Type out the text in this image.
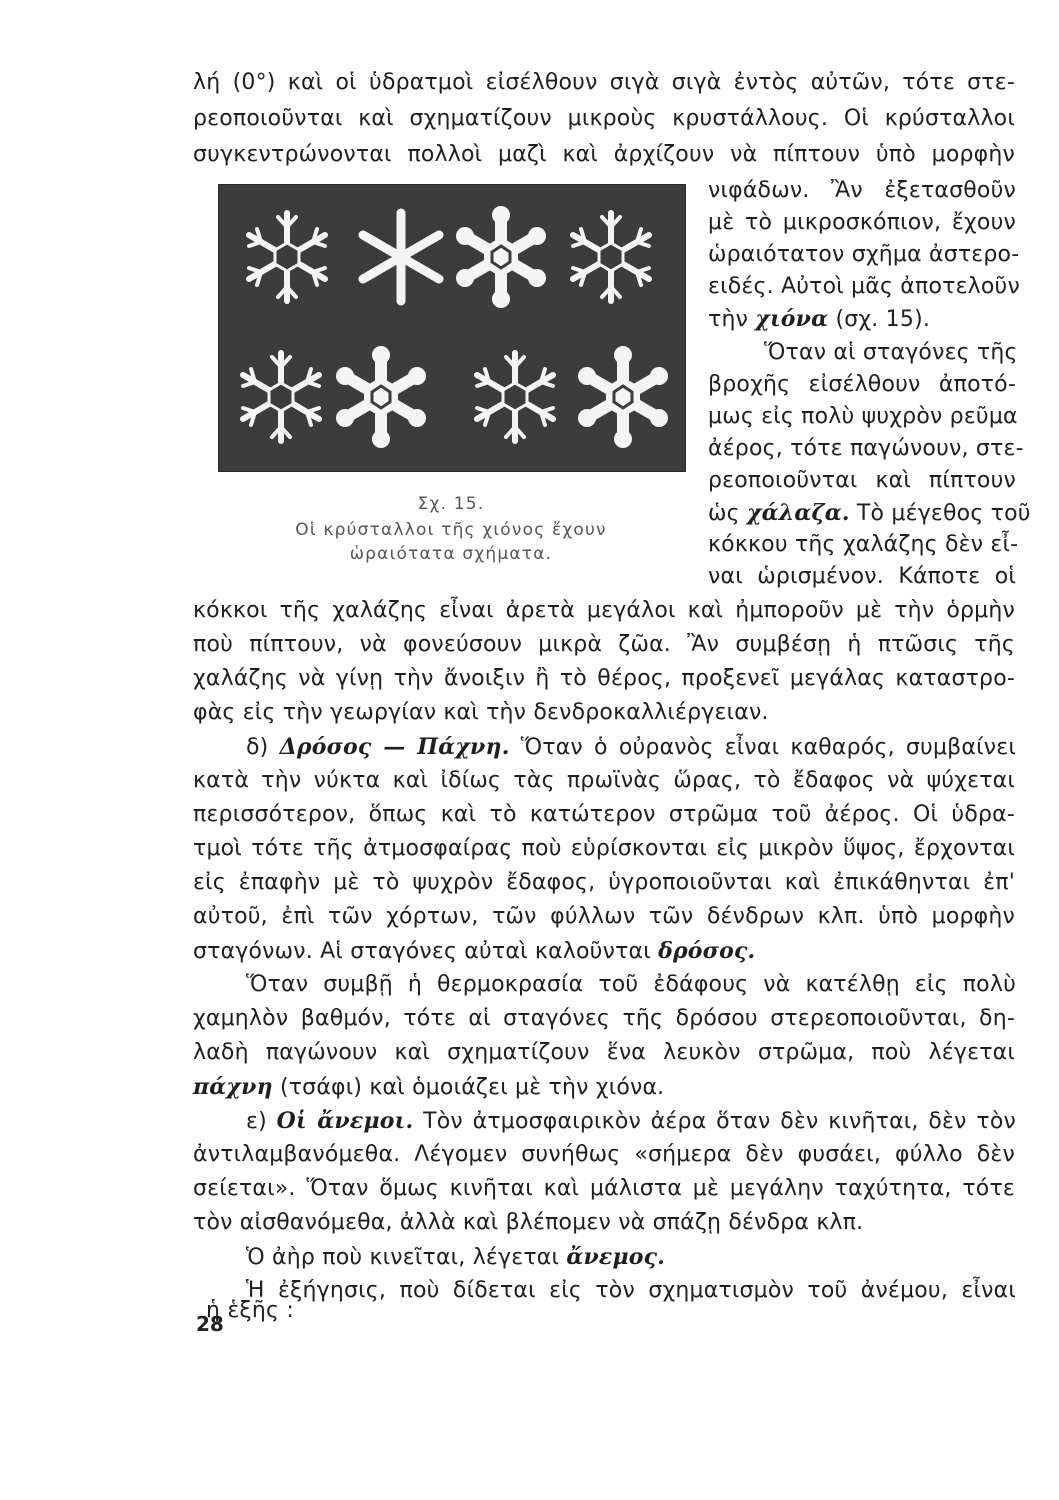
λή (0°) καὶ οἱ ὑδρατμοὶ εἰσέλθουν σιγὰ σιγὰ ἐντὸς αὐτῶν, τότε στε-
ρεοποιοῦνται καὶ σχηματίζουν μικροὺς κρυστάλλους. Οἱ κρύσταλλοι
συγκεντρώνονται πολλοὶ μαζὶ καὶ ἀρχίζουν νὰ πίπτουν ὑπὸ μορφὴν
νιφάδων. Ἂν ἐξετασθοῦν
μὲ τὸ μικροσκόπιον, ἔχουν
ὡραιότατον σχῆμα ἀστερο-
ειδές. Αὐτοὶ μᾶς ἀποτελοῦν
τὴν χιόνα (σχ. 15).
Ὅταν αἱ σταγόνες τῆς
βροχῆς εἰσέλθουν ἀποτό-
μως εἰς πολὺ ψυχρὸν ρεῦμα
ἀέρος, τότε παγώνουν, στε-
ρεοποιοῦνται καὶ πίπτουν
ὡς χάλαζα. Τὸ μέγεθος τοῦ
κόκκου τῆς χαλάζης δὲν εἶ-
ναι ὡρισμένον. Κάποτε οἱ
Σχ. 15.
Οἱ κρύσταλλοι τῆς χιόνος ἔχουν
ὡραιότατα σχήματα.
κόκκοι τῆς χαλάζης εἶναι ἀρετὰ μεγάλοι καὶ ἠμποροῦν μὲ τὴν ὁρμὴν
ποὺ πίπτουν, νὰ φονεύσουν μικρὰ ζῶα. Ἂν συμβέσῃ ἡ πτῶσις τῆς
χαλάζης νὰ γίνῃ τὴν ἄνοιξιν ἢ τὸ θέρος, προξενεῖ μεγάλας καταστρο-
φὰς εἰς τὴν γεωργίαν καὶ τὴν δενδροκαλλιέργειαν.
δ) Δρόσος — Πάχνη. Ὅταν ὁ οὐρανὸς εἶναι καθαρός, συμβαίνει
κατὰ τὴν νύκτα καὶ ἰδίως τὰς πρωϊνὰς ὥρας, τὸ ἔδαφος νὰ ψύχεται
περισσότερον, ὅπως καὶ τὸ κατώτερον στρῶμα τοῦ ἀέρος. Οἱ ὑδρα-
τμοὶ τότε τῆς ἀτμοσφαίρας ποὺ εὑρίσκονται εἰς μικρὸν ὕψος, ἔρχονται
εἰς ἐπαφὴν μὲ τὸ ψυχρὸν ἔδαφος, ὑγροποιοῦνται καὶ ἐπικάθηνται ἐπ'
αὐτοῦ, ἐπὶ τῶν χόρτων, τῶν φύλλων τῶν δένδρων κλπ. ὑπὸ μορφὴν
σταγόνων. Αἱ σταγόνες αὐταὶ καλοῦνται δρόσος.
Ὅταν συμβῇ ἡ θερμοκρασία τοῦ ἐδάφους νὰ κατέλθῃ εἰς πολὺ
χαμηλὸν βαθμόν, τότε αἱ σταγόνες τῆς δρόσου στερεοποιοῦνται, δη-
λαδὴ παγώνουν καὶ σχηματίζουν ἕνα λευκὸν στρῶμα, ποὺ λέγεται
πάχνη (τσάφι) καὶ ὁμοιάζει μὲ τὴν χιόνα.
ε) Οἱ ἄνεμοι. Τὸν ἀτμοσφαιρικὸν ἀέρα ὅταν δὲν κινῆται, δὲν τὸν
ἀντιλαμβανόμεθα. Λέγομεν συνήθως «σήμερα δὲν φυσάει, φύλλο δὲν
σείεται». Ὅταν ὅμως κινῆται καὶ μάλιστα μὲ μεγάλην ταχύτητα, τότε
τὸν αἰσθανόμεθα, ἀλλὰ καὶ βλέπομεν νὰ σπάζῃ δένδρα κλπ.
Ὁ ἀὴρ ποὺ κινεῖται, λέγεται ἄνεμος.
Ἡ ἐξήγησις, ποὺ δίδεται εἰς τὸν σχηματισμὸν τοῦ ἀνέμου, εἶναι
ἡ ἑξῆς :
28
